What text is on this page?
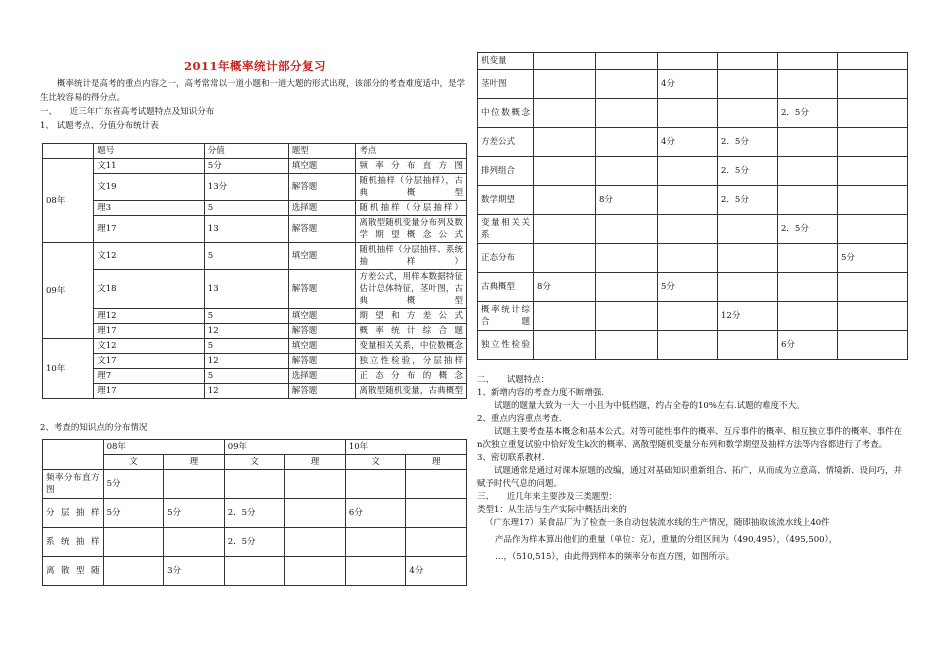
2011年概率统计部分复习

概率统计是高考的重点内容之一，高考常常以一道小题和一道大题的形式出现，该部分的考查难度适中，是学生比较容易的得分点。

一、　　近三年广东省高考试题特点及知识分布

1、 试题考点、分值分布统计表

	题号	分值	题型	考点
08年	文11	5分	填空题	频率分布直方图
	文19	13分	解答题	随机抽样（分层抽样），古典概型
	理3	5	选择题	随机抽样（分层抽样）
	理17	13	解答题	离散型随机变量分布列及数学期望概念公式
09年	文12	5	填空题	随机抽样（分层抽样、系统抽样）
	文18	13	解答题	方差公式，用样本数据特征估计总体特征，茎叶图，古典概型
	理12	5	填空题	期望和方差公式
	理17	12	解答题	概率统计综合题
10年	文12	5	填空题	变量相关关系，中位数概念
	文17	12	解答题	独立性检验，分层抽样
	理7	5	选择题	正态分布的概念
	理17	12	解答题	离散型随机变量，古典概型

2、考查的知识点的分布情况

	08年		09年		10年	
	文	理	文	理	文	理
频率分布直方图	5分					
分层抽样	5分	5分	2．5分		6分	
系统抽样			2．5分			
离散型随		3分				4分
机变量						
茎叶图			4分			
中位数概念					2．5分	
方差公式			4分	2．5分		
排列组合				2．5分		
数学期望		8分		2．5分		
变量相关关系					2．5分	
正态分布						5分
古典概型	8分		5分			
概率统计综合题				12分		
独立性检验					6分	

二、　　试题特点：

1、新增内容的考查力度不断增强.

试题的题量大致为一大一小且为中低档题，约占全卷的10%左右.试题的难度不大。

2、重点内容重点考查.

试题主要考查基本概念和基本公式。对等可能性事件的概率、互斥事件的概率、相互独立事件的概率、事件在n次独立重复试验中恰好发生k次的概率、离散型随机变量分布列和数学期望及抽样方法等内容都进行了考查。

3、密切联系教材.

试题通常是通过对课本原题的改编，通过对基础知识重新组合、拓广，从而成为立意高、情境新、设问巧，并赋予时代气息的问题。

三、　　近几年来主要涉及三类题型：

类型1：从生活与生产实际中概括出来的

（广东理17）某食品厂为了检查一条自动包装流水线的生产情况，随即抽取该流水线上40件

产品作为样本算出他们的重量（单位：克），重量的分组区间为（490,495），（495,500），

…，（510,515），由此得到样本的频率分布直方图，如图所示。
